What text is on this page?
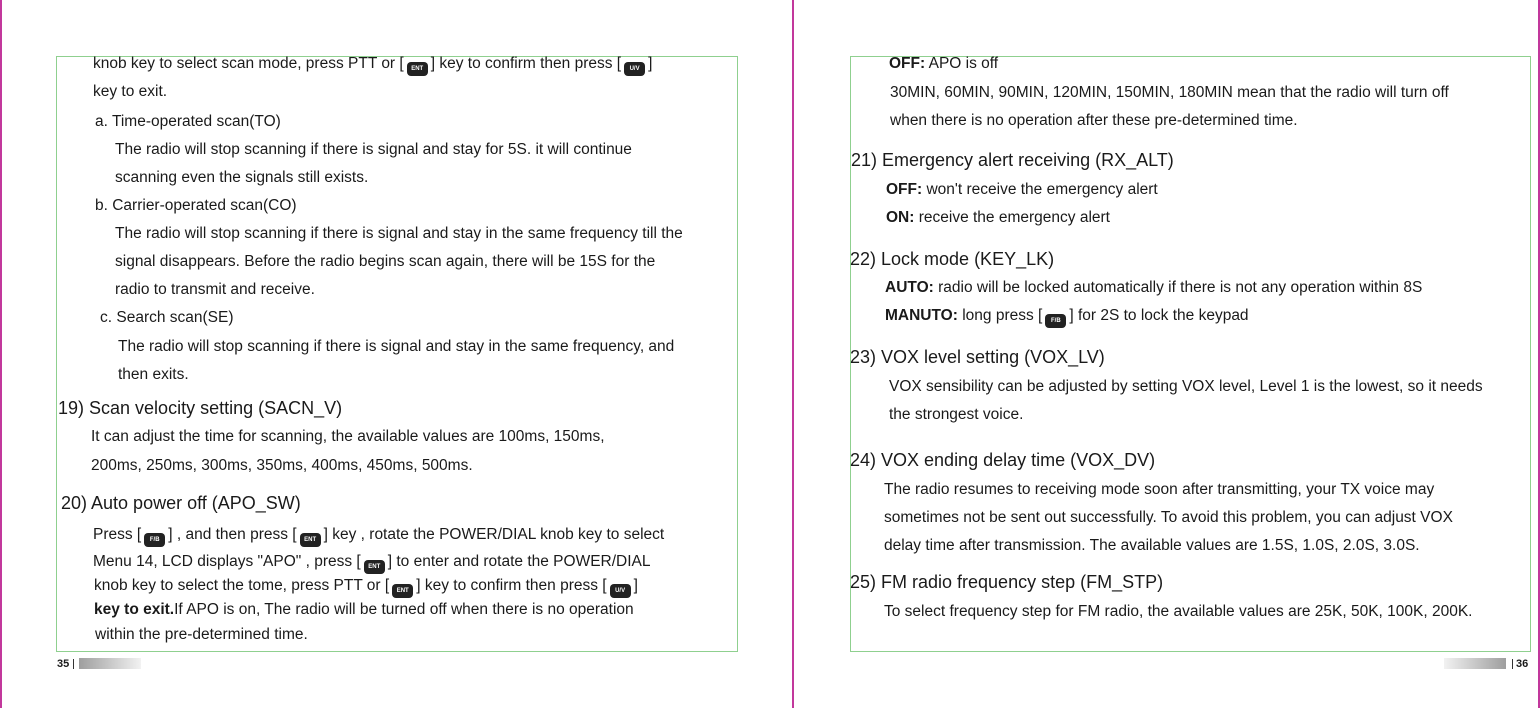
knob key to select scan mode, press PTT or [ ENT ] key to confirm then press [ U/V ]
key to exit.
a. Time-operated scan(TO)
The radio will stop scanning if there is signal and stay for 5S. it will continue
scanning even the signals still exists.
b. Carrier-operated scan(CO)
The radio will stop scanning if there is signal and stay in the same frequency till the
signal disappears. Before the radio begins scan again, there will be 15S for the
radio to transmit and receive.
c. Search scan(SE)
The radio will stop scanning if there is signal and stay in the same frequency, and
then exits.
19) Scan velocity setting (SACN_V)
It can adjust the time for scanning, the available values are 100ms, 150ms,
200ms, 250ms, 300ms, 350ms, 400ms, 450ms, 500ms.
20) Auto power off (APO_SW)
Press [ F/B ] , and then press [ ENT ] key , rotate the POWER/DIAL knob key to select
Menu 14, LCD displays "APO" , press [ ENT ] to enter and rotate the POWER/DIAL
knob key to select the tome, press PTT or [ ENT ] key to confirm then press [ U/V ]
key to exit.If APO is on, The radio will be turned off when there is no operation
within the pre-determined time.
35
OFF: APO is off
30MIN, 60MIN, 90MIN, 120MIN, 150MIN, 180MIN mean that the radio will turn off
when there is no operation after these pre-determined time.
21) Emergency alert receiving (RX_ALT)
OFF: won't receive the emergency alert
ON: receive the emergency alert
22) Lock mode (KEY_LK)
AUTO: radio will be locked automatically if there is not any operation within 8S
MANUTO: long press [ F/B ] for 2S to lock the keypad
23) VOX level setting (VOX_LV)
VOX sensibility can be adjusted by setting VOX level, Level 1 is the lowest, so it needs
the strongest voice.
24) VOX ending delay time (VOX_DV)
The radio resumes to receiving mode soon after transmitting, your TX voice may
sometimes not be sent out successfully. To avoid this problem, you can adjust VOX
delay time after transmission. The available values are 1.5S, 1.0S, 2.0S, 3.0S.
25) FM radio frequency step (FM_STP)
To select frequency step for FM radio, the available values are 25K, 50K, 100K, 200K.
36
